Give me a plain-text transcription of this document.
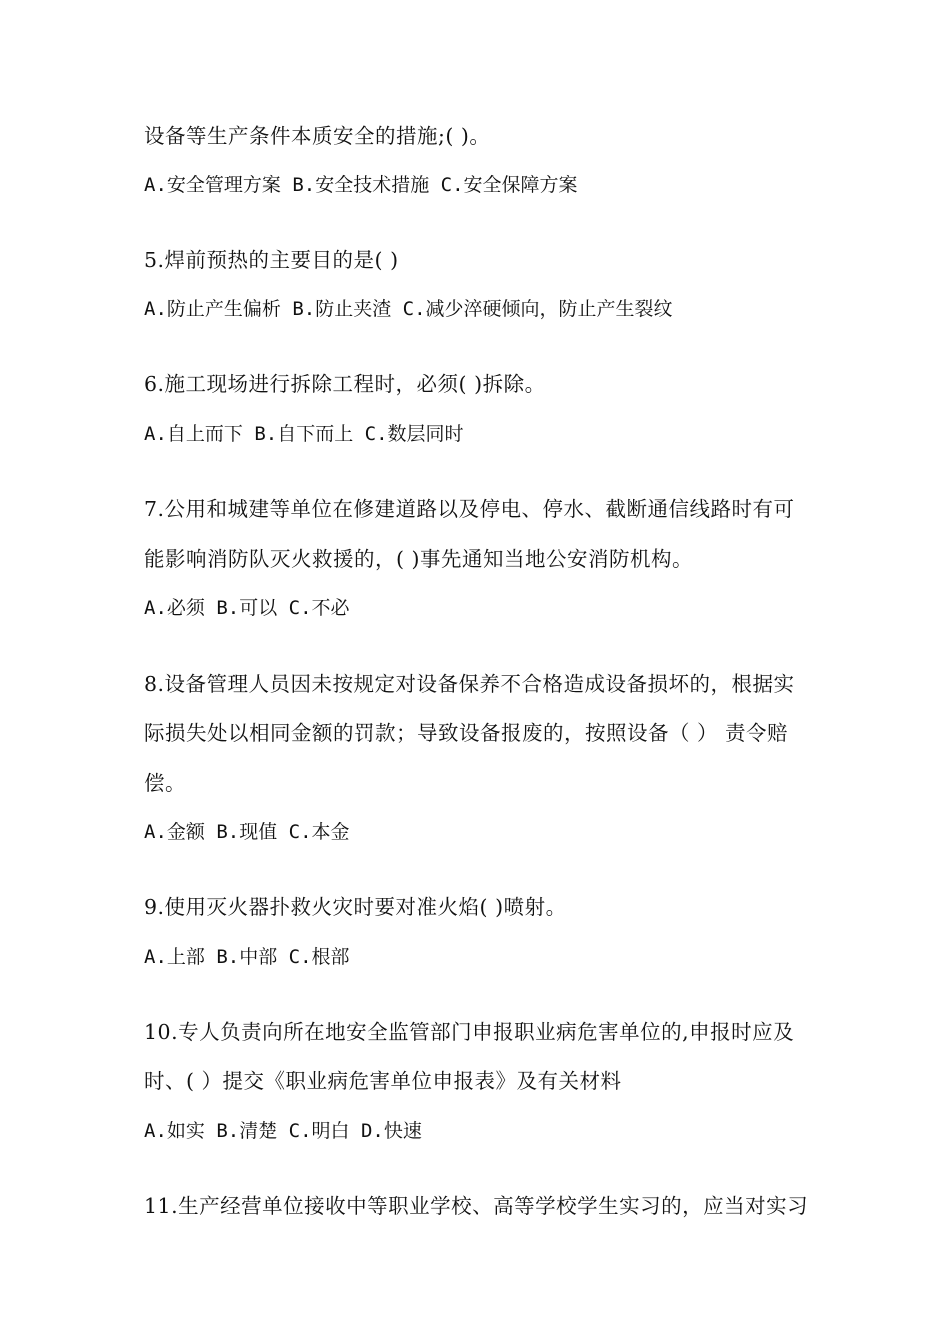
设备等生产条件本质安全的措施;( )。
A.安全管理方案 B.安全技术措施 C.安全保障方案
5.焊前预热的主要目的是( )
A.防止产生偏析 B.防止夹渣 C.减少淬硬倾向，防止产生裂纹
6.施工现场进行拆除工程时，必须( )拆除。
A.自上而下 B.自下而上 C.数层同时
7.公用和城建等单位在修建道路以及停电、停水、截断通信线路时有可
能影响消防队灭火救援的，( )事先通知当地公安消防机构。
A.必须 B.可以 C.不必
8.设备管理人员因未按规定对设备保养不合格造成设备损坏的，根据实
际损失处以相同金额的罚款；导致设备报废的，按照设备（ ） 责令赔
偿。
A.金额 B.现值 C.本金
9.使用灭火器扑救火灾时要对准火焰( )喷射。
A.上部 B.中部 C.根部
10.专人负责向所在地安全监管部门申报职业病危害单位的,申报时应及
时、( ）提交《职业病危害单位申报表》及有关材料
A.如实 B.清楚 C.明白 D.快速
11.生产经营单位接收中等职业学校、高等学校学生实习的，应当对实习
